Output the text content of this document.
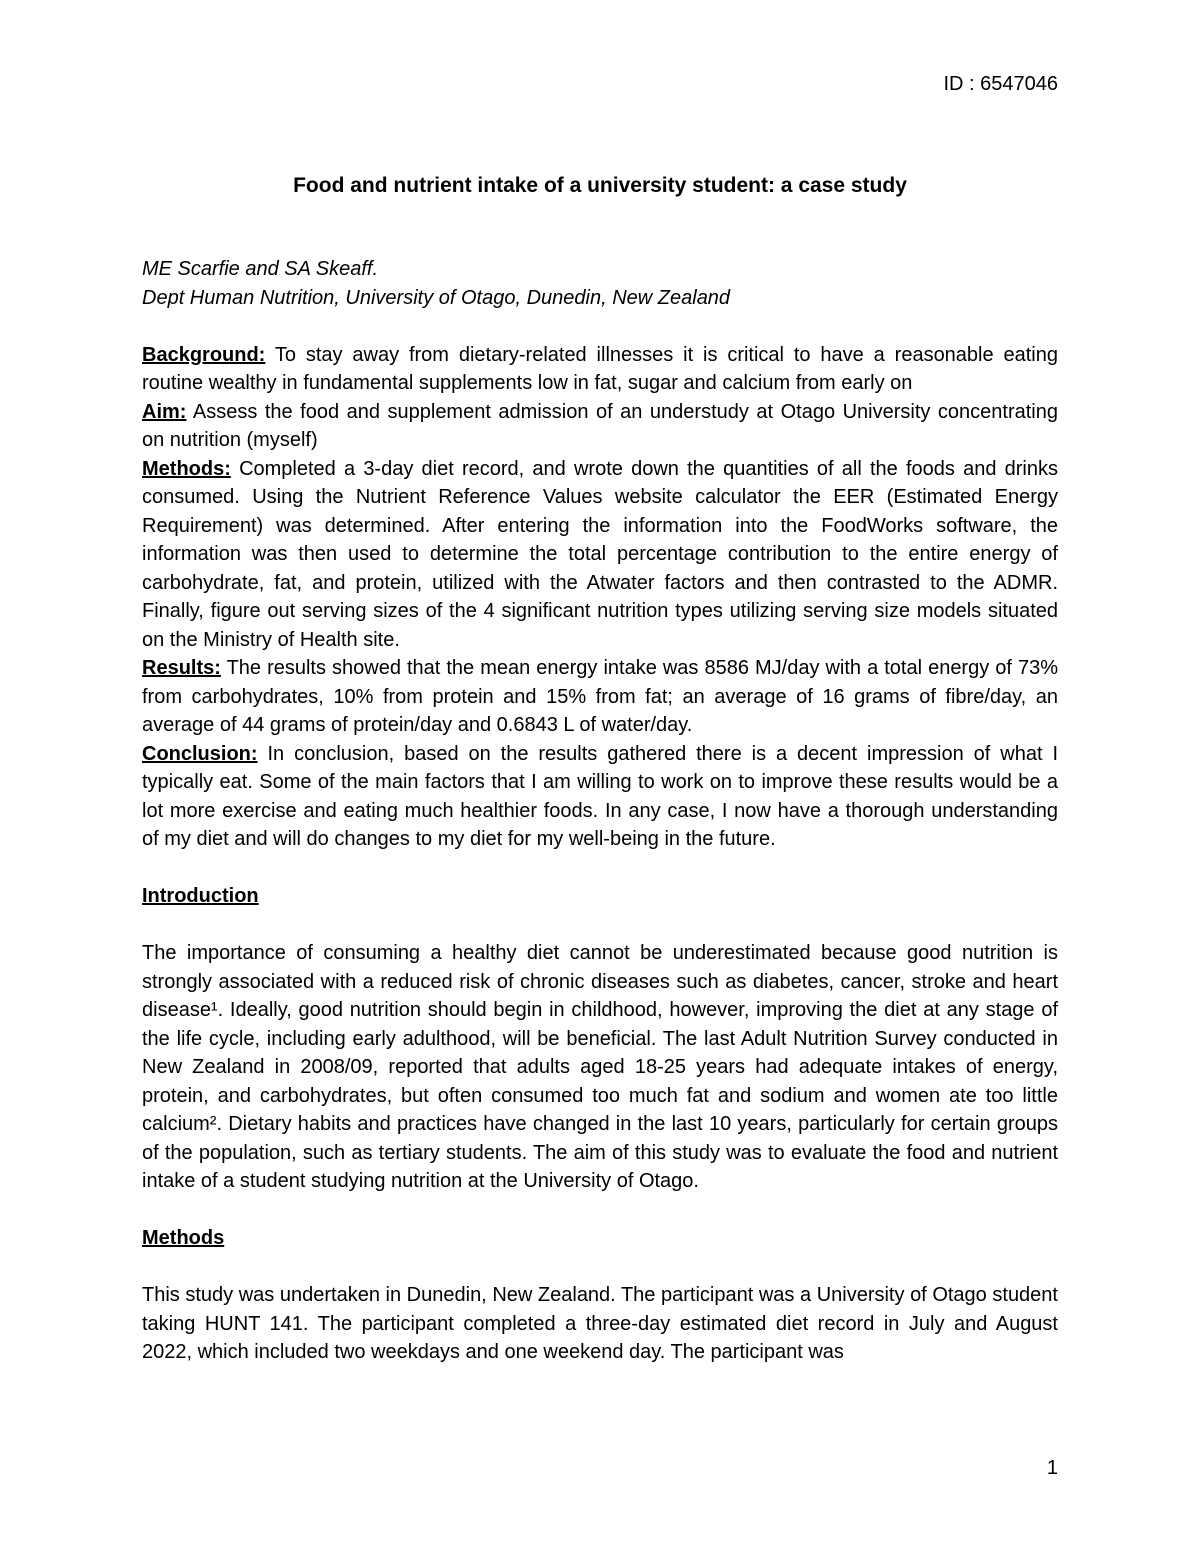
ID : 6547046
Food and nutrient intake of a university student: a case study

ME Scarfie and SA Skeaff.

Dept Human Nutrition, University of Otago, Dunedin, New Zealand

Background: To stay away from dietary-related illnesses it is critical to have a reasonable eating routine wealthy in fundamental supplements low in fat, sugar and calcium from early on

Aim: Assess the food and supplement admission of an understudy at Otago University concentrating on nutrition (myself)

Methods: Completed a 3-day diet record, and wrote down the quantities of all the foods and drinks consumed. Using the Nutrient Reference Values website calculator the EER (Estimated Energy Requirement) was determined. After entering the information into the FoodWorks software, the information was then used to determine the total percentage contribution to the entire energy of carbohydrate, fat, and protein, utilized with the Atwater factors and then contrasted to the ADMR. Finally, figure out serving sizes of the 4 significant nutrition types utilizing serving size models situated on the Ministry of Health site.

Results: The results showed that the mean energy intake was 8586 MJ/day with a total energy of 73% from carbohydrates, 10% from protein and 15% from fat; an average of 16 grams of fibre/day, an average of 44 grams of protein/day and 0.6843 L of water/day.

Conclusion: In conclusion, based on the results gathered there is a decent impression of what I typically eat. Some of the main factors that I am willing to work on to improve these results would be a lot more exercise and eating much healthier foods. In any case, I now have a thorough understanding of my diet and will do changes to my diet for my well-being in the future.

Introduction

The importance of consuming a healthy diet cannot be underestimated because good nutrition is strongly associated with a reduced risk of chronic diseases such as diabetes, cancer, stroke and heart disease¹. Ideally, good nutrition should begin in childhood, however, improving the diet at any stage of the life cycle, including early adulthood, will be beneficial. The last Adult Nutrition Survey conducted in New Zealand in 2008/09, reported that adults aged 18-25 years had adequate intakes of energy, protein, and carbohydrates, but often consumed too much fat and sodium and women ate too little calcium². Dietary habits and practices have changed in the last 10 years, particularly for certain groups of the population, such as tertiary students. The aim of this study was to evaluate the food and nutrient intake of a student studying nutrition at the University of Otago.

Methods

This study was undertaken in Dunedin, New Zealand. The participant was a University of Otago student taking HUNT 141. The participant completed a three-day estimated diet record in July and August 2022, which included two weekdays and one weekend day. The participant was

1
